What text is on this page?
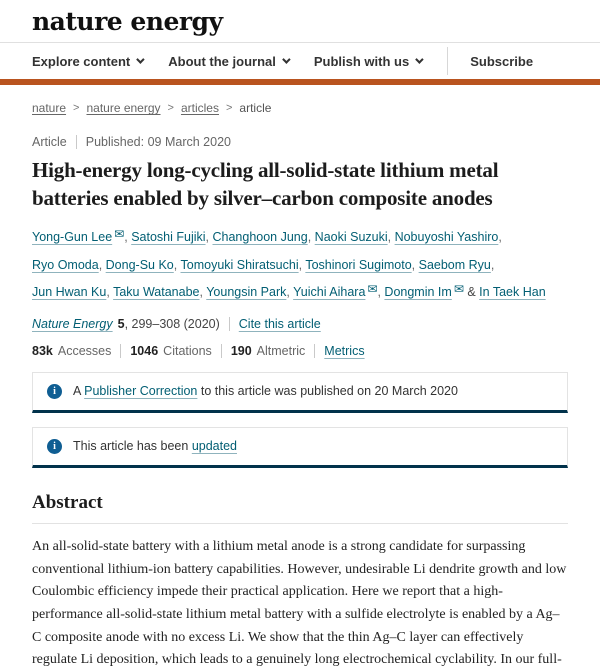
nature energy
Explore content	About the journal	Publish with us	Subscribe
nature > nature energy > articles > article
Article Published: 09 March 2020
High-energy long-cycling all-solid-state lithium metal batteries enabled by silver–carbon composite anodes
Yong-Gun Lee ✉, Satoshi Fujiki, Changhoon Jung, Naoki Suzuki, Nobuyoshi Yashiro, Ryo Omoda, Dong-Su Ko, Tomoyuki Shiratsuchi, Toshinori Sugimoto, Saebom Ryu, Jun Hwan Ku, Taku Watanabe, Youngsin Park, Yuichi Aihara ✉, Dongmin Im ✉ & In Taek Han
Nature Energy 5 , 299–308 (2020) Cite this article
83k Accesses 1046 Citations 190 Altmetric Metrics
i	A Publisher Correction to this article was published on 20 March 2020
i	This article has been updated
Abstract

An all-solid-state battery with a lithium metal anode is a strong candidate for surpassing conventional lithium-ion battery capabilities. However, undesirable Li dendrite growth and low Coulombic efficiency impede their practical application. Here we report that a high-performance all-solid-state lithium metal battery with a sulfide electrolyte is enabled by a Ag–C composite anode with no excess Li. We show that the thin Ag–C layer can effectively regulate Li deposition, which leads to a genuinely long electrochemical cyclability. In our full-
